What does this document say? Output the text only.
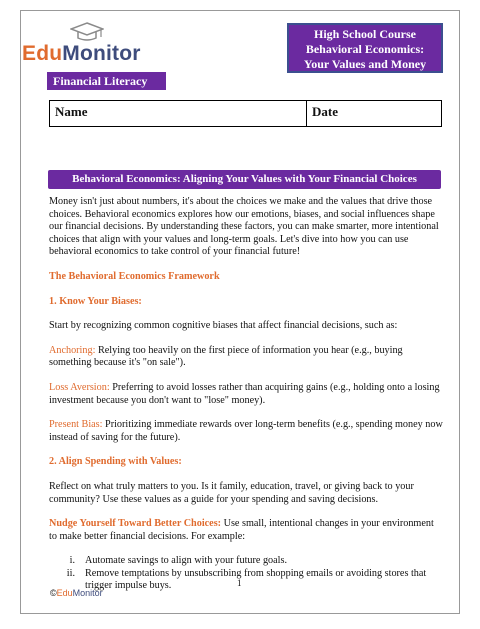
EduMonitor
High School Course
Behavioral Economics:
Your Values and Money
Financial Literacy
Name	Date
Behavioral Economics: Aligning Your Values with Your Financial Choices

Money isn't just about numbers, it's about the choices we make and the values that drive those choices. Behavioral economics explores how our emotions, biases, and social influences shape our financial decisions. By understanding these factors, you can make smarter, more intentional choices that align with your values and long-term goals. Let's dive into how you can use behavioral economics to take control of your financial future!

The Behavioral Economics Framework

1. Know Your Biases:

Start by recognizing common cognitive biases that affect financial decisions, such as:

Anchoring: Relying too heavily on the first piece of information you hear (e.g., buying something because it's "on sale").

Loss Aversion: Preferring to avoid losses rather than acquiring gains (e.g., holding onto a losing investment because you don't want to "lose" money).

Present Bias: Prioritizing immediate rewards over long-term benefits (e.g., spending money now instead of saving for the future).

2. Align Spending with Values:

Reflect on what truly matters to you. Is it family, education, travel, or giving back to your community? Use these values as a guide for your spending and saving decisions.

Nudge Yourself Toward Better Choices: Use small, intentional changes in your environment to make better financial decisions. For example:

i. Automate savings to align with your future goals.
ii. Remove temptations by unsubscribing from shopping emails or avoiding stores that trigger impulse buys.	1
©EduMonitor
